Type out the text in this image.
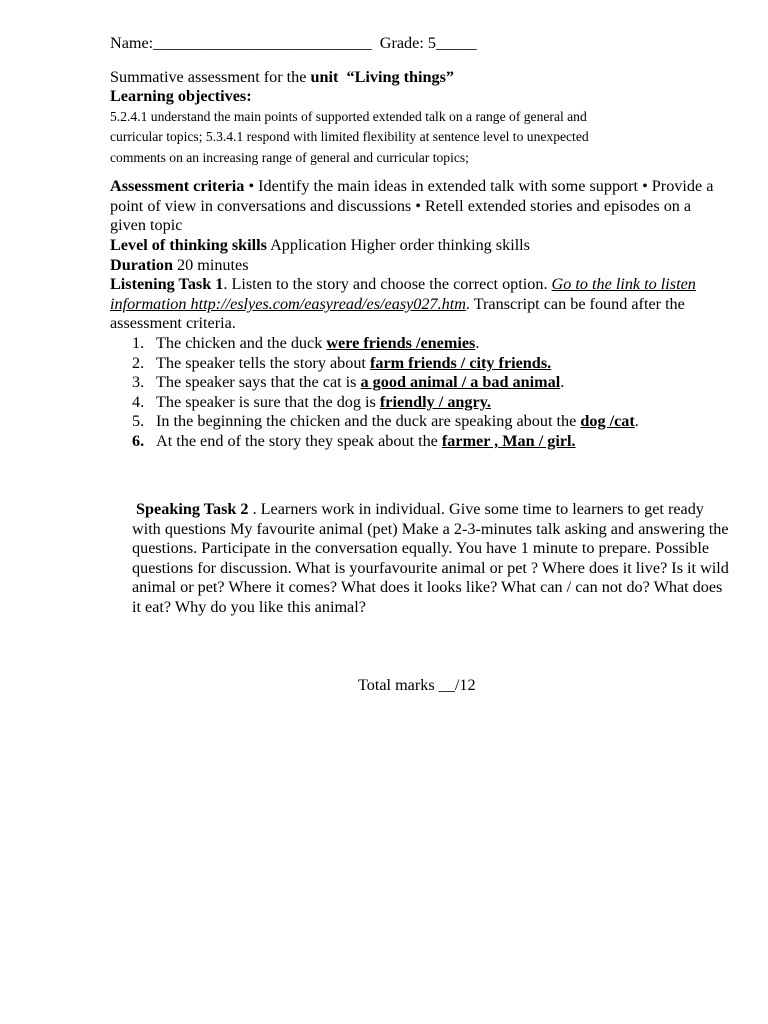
Name:___________________________ Grade: 5_____
Summative assessment for the unit “Living things”
Learning objectives:
5.2.4.1 understand the main points of supported extended talk on a range of general and
curricular topics; 5.3.4.1 respond with limited flexibility at sentence level to unexpected
comments on an increasing range of general and curricular topics;
Assessment criteria • Identify the main ideas in extended talk with some support • Provide a point of view in conversations and discussions • Retell extended stories and episodes on a given topic
Level of thinking skills Application Higher order thinking skills
Duration 20 minutes
Listening Task 1. Listen to the story and choose the correct option. Go to the link to listen information http://eslyes.com/easyread/es/easy027.htm. Transcript can be found after the assessment criteria.
1. The chicken and the duck were friends /enemies.
2. The speaker tells the story about farm friends / city friends.
3. The speaker says that the cat is a good animal / a bad animal.
4. The speaker is sure that the dog is friendly / angry.
5. In the beginning the chicken and the duck are speaking about the dog /cat.
6. At the end of the story they speak about the farmer , Man / girl.
Speaking Task 2 . Learners work in individual. Give some time to learners to get ready with questions My favourite animal (pet) Make a 2-3-minutes talk asking and answering the questions. Participate in the conversation equally. You have 1 minute to prepare. Possible questions for discussion. What is yourfavourite animal or pet ? Where does it live? Is it wild animal or pet? Where it comes? What does it looks like? What can / can not do? What does it eat? Why do you like this animal?
Total marks __/12
